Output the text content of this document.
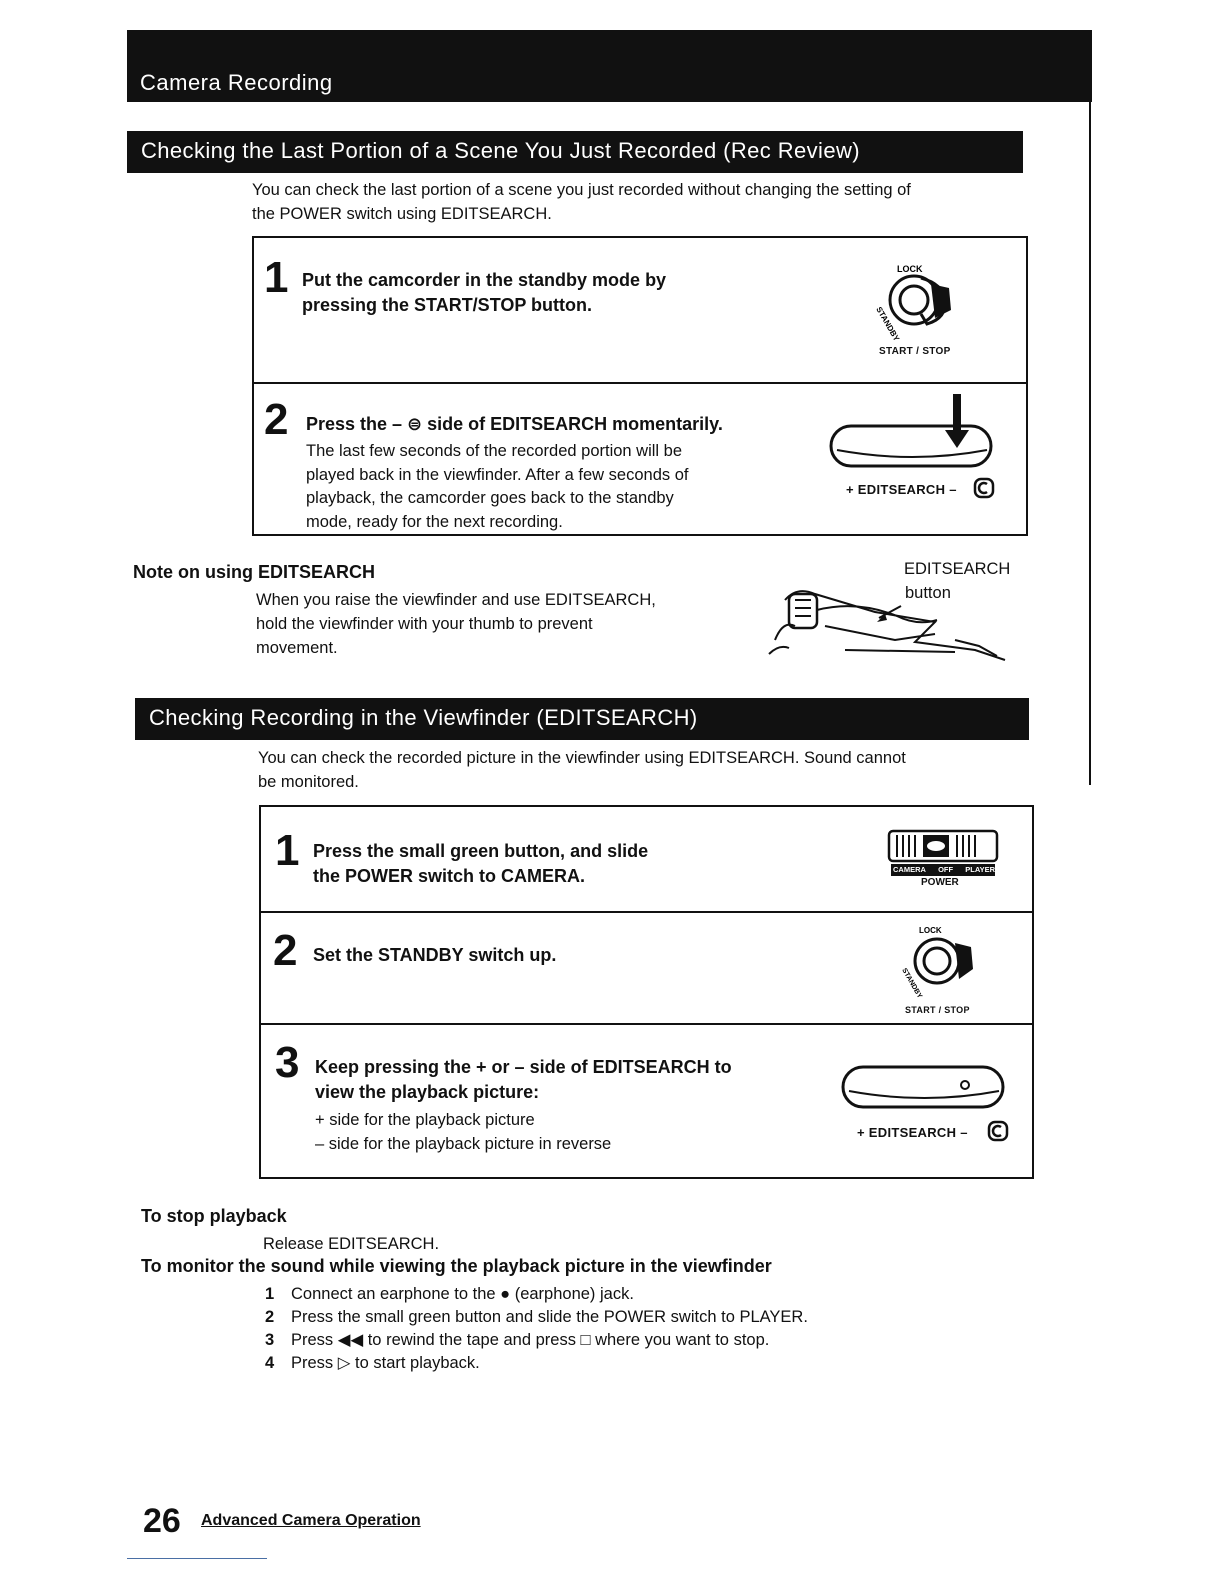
Camera Recording
Checking the Last Portion of a Scene You Just Recorded (Rec Review)
You can check the last portion of a scene you just recorded without changing the setting of
the POWER switch using EDITSEARCH.
1 Put the camcorder in the standby mode by
pressing the START/STOP button.
LOCK
STANDBY
START / STOP
2 Press the – ⊜ side of EDITSEARCH momentarily.
The last few seconds of the recorded portion will be
played back in the viewfinder. After a few seconds of
playback, the camcorder goes back to the standby
mode, ready for the next recording.
+ EDITSEARCH –
Note on using EDITSEARCH
When you raise the viewfinder and use EDITSEARCH,
hold the viewfinder with your thumb to prevent
movement.
EDITSEARCH
button
Checking Recording in the Viewfinder (EDITSEARCH)
You can check the recorded picture in the viewfinder using EDITSEARCH. Sound cannot
be monitored.
1 Press the small green button, and slide
the POWER switch to CAMERA.	CAMERA OFF PLAYER
POWER
2 Set the STANDBY switch up.
LOCK
STANDBY
START / STOP
3 Keep pressing the + or – side of EDITSEARCH to
view the playback picture:
+ side for the playback picture
– side for the playback picture in reverse
+ EDITSEARCH –
To stop playback
Release EDITSEARCH.
To monitor the sound while viewing the playback picture in the viewfinder
1 Connect an earphone to the ● (earphone) jack.
2 Press the small green button and slide the POWER switch to PLAYER.
3 Press ◀◀ to rewind the tape and press □ where you want to stop.
4 Press ▷ to start playback.
26 Advanced Camera Operation
